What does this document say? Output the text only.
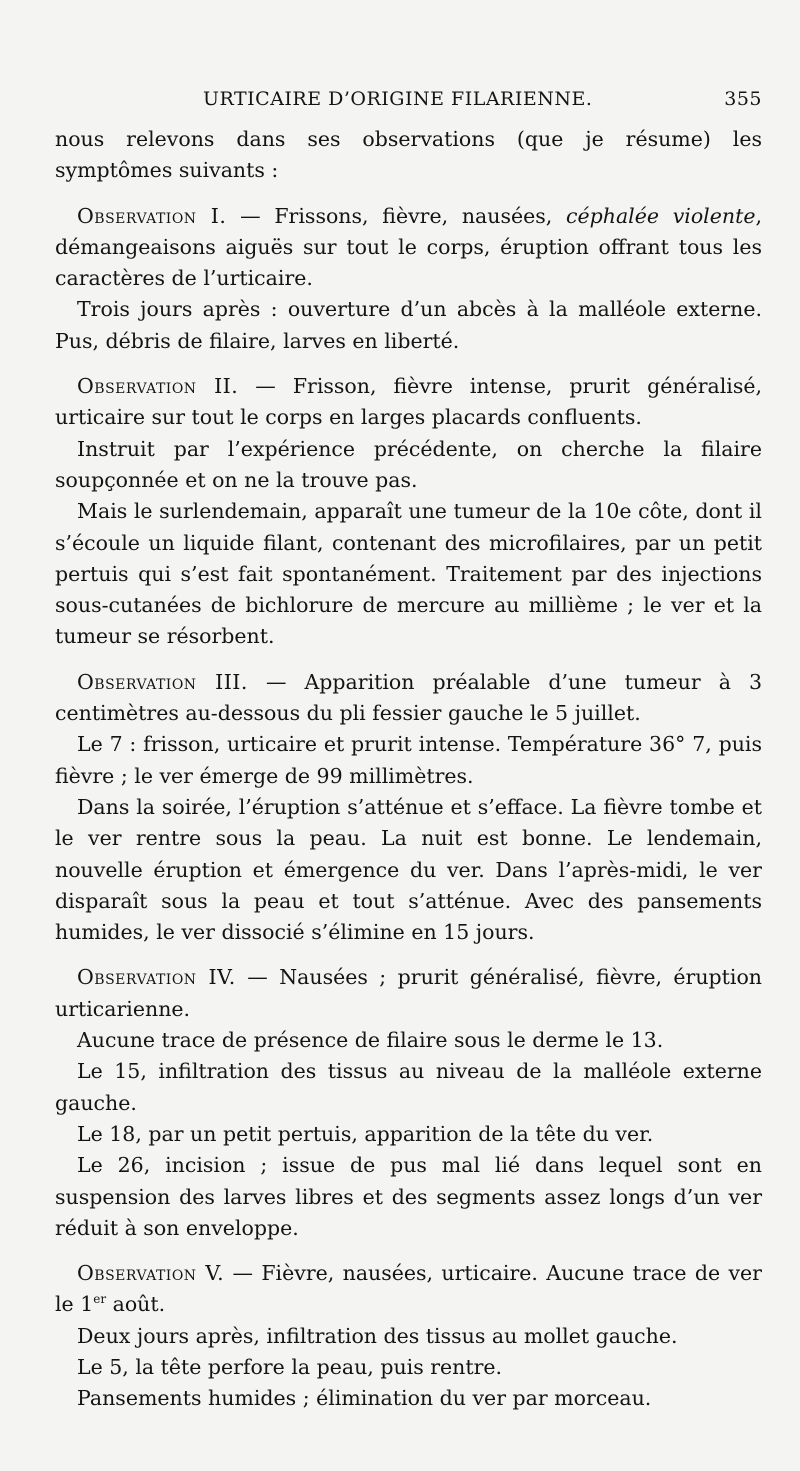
URTICAIRE D’ORIGINE FILARIENNE.	355

nous relevons dans ses observations (que je résume) les symptômes suivants :

Observation I. — Frissons, fièvre, nausées, céphalée violente, démangeaisons aiguës sur tout le corps, éruption offrant tous les caractères de l’urticaire.

Trois jours après : ouverture d’un abcès à la malléole externe. Pus, débris de filaire, larves en liberté.

Observation II. — Frisson, fièvre intense, prurit généralisé, urticaire sur tout le corps en larges placards confluents.

Instruit par l’expérience précédente, on cherche la filaire soupçonnée et on ne la trouve pas.

Mais le surlendemain, apparaît une tumeur de la 10e côte, dont il s’écoule un liquide filant, contenant des microfilaires, par un petit pertuis qui s’est fait spontanément. Traitement par des injections sous-cutanées de bichlorure de mercure au millième ; le ver et la tumeur se résorbent.

Observation III. — Apparition préalable d’une tumeur à 3 centimètres au-dessous du pli fessier gauche le 5 juillet.

Le 7 : frisson, urticaire et prurit intense. Température 36° 7, puis fièvre ; le ver émerge de 99 millimètres.

Dans la soirée, l’éruption s’atténue et s’efface. La fièvre tombe et le ver rentre sous la peau. La nuit est bonne. Le lendemain, nouvelle éruption et émergence du ver. Dans l’après-midi, le ver disparaît sous la peau et tout s’atténue. Avec des pansements humides, le ver dissocié s’élimine en 15 jours.

Observation IV. — Nausées ; prurit généralisé, fièvre, éruption urticarienne.

Aucune trace de présence de filaire sous le derme le 13.

Le 15, infiltration des tissus au niveau de la malléole externe gauche.

Le 18, par un petit pertuis, apparition de la tête du ver.

Le 26, incision ; issue de pus mal lié dans lequel sont en suspension des larves libres et des segments assez longs d’un ver réduit à son enveloppe.

Observation V. — Fièvre, nausées, urticaire. Aucune trace de ver le 1er août.

Deux jours après, infiltration des tissus au mollet gauche.

Le 5, la tête perfore la peau, puis rentre.

Pansements humides ; élimination du ver par morceau.
